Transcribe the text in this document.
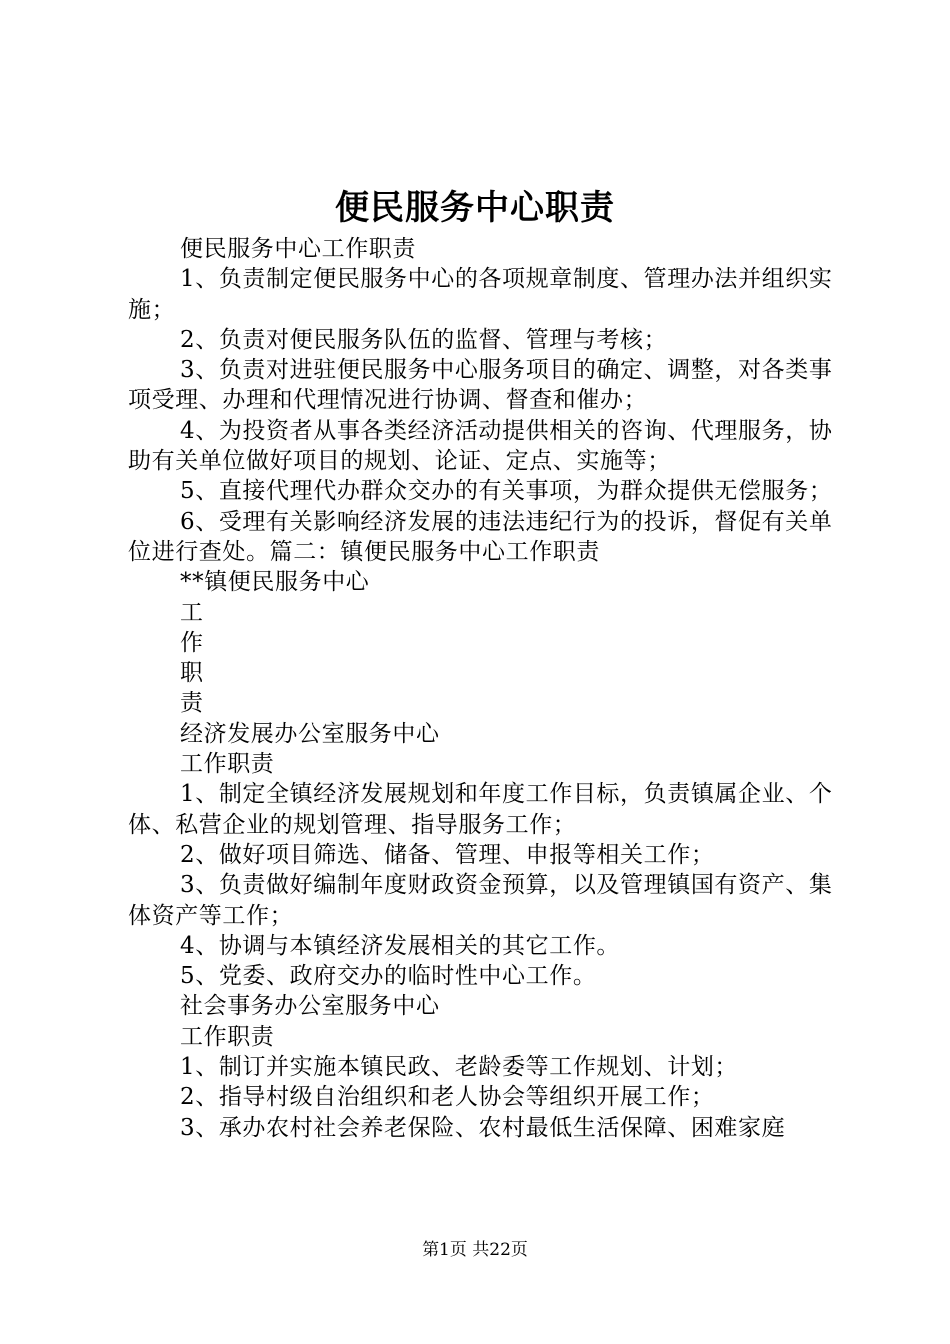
便民服务中心职责

便民服务中心工作职责

1、负责制定便民服务中心的各项规章制度、管理办法并组织实施；

2、负责对便民服务队伍的监督、管理与考核；

3、负责对进驻便民服务中心服务项目的确定、调整，对各类事项受理、办理和代理情况进行协调、督查和催办；

4、为投资者从事各类经济活动提供相关的咨询、代理服务，协助有关单位做好项目的规划、论证、定点、实施等；

5、直接代理代办群众交办的有关事项，为群众提供无偿服务；

6、受理有关影响经济发展的违法违纪行为的投诉，督促有关单位进行查处。篇二：镇便民服务中心工作职责

**镇便民服务中心

工

作

职

责

经济发展办公室服务中心

工作职责

1、制定全镇经济发展规划和年度工作目标，负责镇属企业、个体、私营企业的规划管理、指导服务工作；

2、做好项目筛选、储备、管理、申报等相关工作；

3、负责做好编制年度财政资金预算，以及管理镇国有资产、集体资产等工作；

4、协调与本镇经济发展相关的其它工作。

5、党委、政府交办的临时性中心工作。

社会事务办公室服务中心

工作职责

1、制订并实施本镇民政、老龄委等工作规划、计划；

2、指导村级自治组织和老人协会等组织开展工作；

3、承办农村社会养老保险、农村最低生活保障、困难家庭

第1页 共22页
